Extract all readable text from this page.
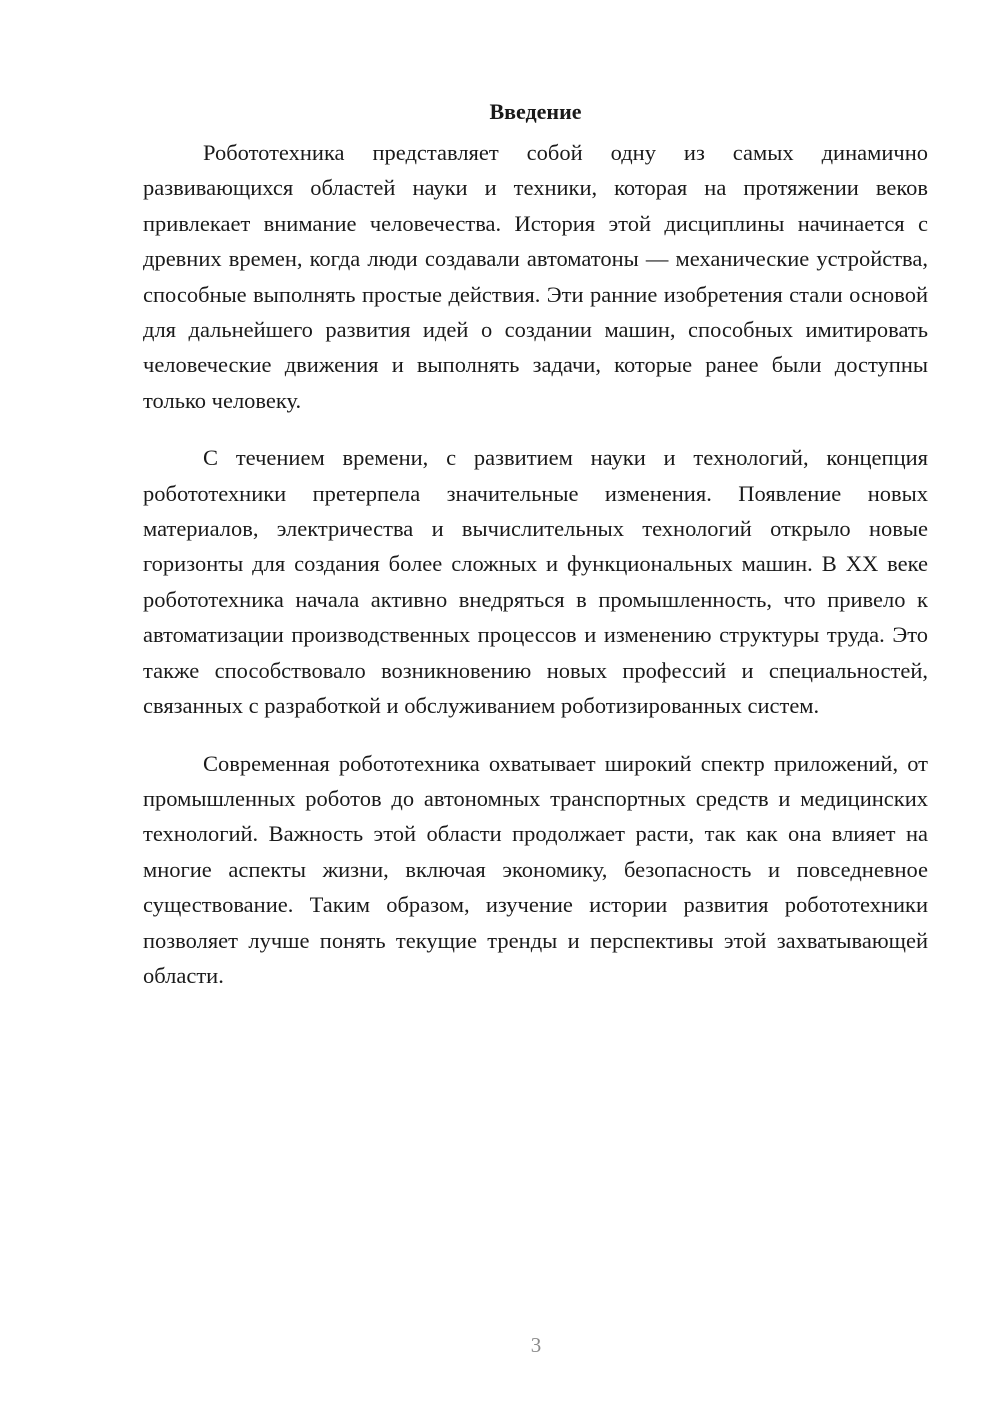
Введение

Робототехника представляет собой одну из самых динамично развивающихся областей науки и техники, которая на протяжении веков привлекает внимание человечества. История этой дисциплины начинается с древних времен, когда люди создавали автоматоны — механические устройства, способные выполнять простые действия. Эти ранние изобретения стали основой для дальнейшего развития идей о создании машин, способных имитировать человеческие движения и выполнять задачи, которые ранее были доступны только человеку.

С течением времени, с развитием науки и технологий, концепция робототехники претерпела значительные изменения. Появление новых материалов, электричества и вычислительных технологий открыло новые горизонты для создания более сложных и функциональных машин. В XX веке робототехника начала активно внедряться в промышленность, что привело к автоматизации производственных процессов и изменению структуры труда. Это также способствовало возникновению новых профессий и специальностей, связанных с разработкой и обслуживанием роботизированных систем.

Современная робототехника охватывает широкий спектр приложений, от промышленных роботов до автономных транспортных средств и медицинских технологий. Важность этой области продолжает расти, так как она влияет на многие аспекты жизни, включая экономику, безопасность и повседневное существование. Таким образом, изучение истории развития робототехники позволяет лучше понять текущие тренды и перспективы этой захватывающей области.

3
